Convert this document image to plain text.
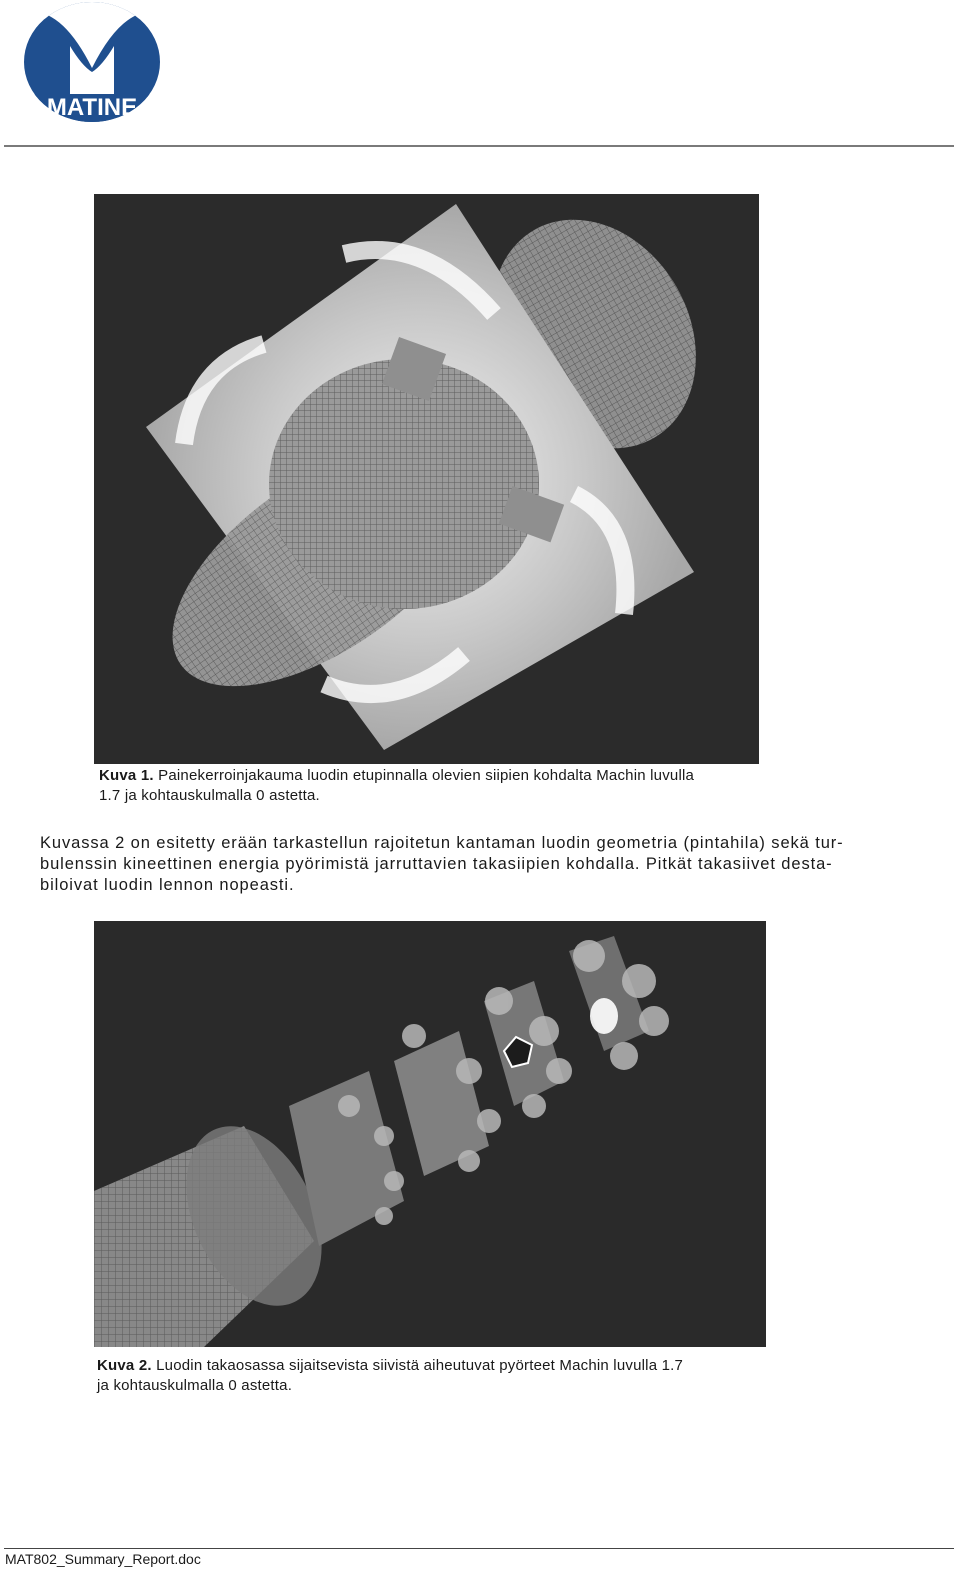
MATINE
Kuva 1. Painekerroinjakauma luodin etupinnalla olevien siipien kohdalta Machin luvulla
1.7 ja kohtauskulmalla 0 astetta.
Kuvassa 2 on esitetty erään tarkastellun rajoitetun kantaman luodin geometria (pintahila) sekä tur-
bulenssin kineettinen energia pyörimistä jarruttavien takasiipien kohdalla. Pitkät takasiivet desta-
biloivat luodin lennon nopeasti.
Kuva 2. Luodin takaosassa sijaitsevista siivistä aiheutuvat pyörteet Machin luvulla 1.7
ja kohtauskulmalla 0 astetta.
MAT802_Summary_Report.doc
